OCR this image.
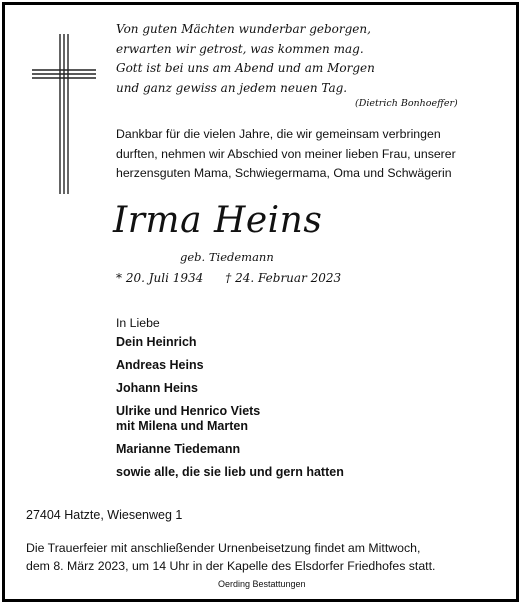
Von guten Mächten wunderbar geborgen,
erwarten wir getrost, was kommen mag.
Gott ist bei uns am Abend und am Morgen
und ganz gewiss an jedem neuen Tag.
(Dietrich Bonhoeffer)
Dankbar für die vielen Jahre, die wir gemeinsam verbringen
durften, nehmen wir Abschied von meiner lieben Frau, unserer
herzensguten Mama, Schwiegermama, Oma und Schwägerin
Irma Heins
geb. Tiedemann
* 20. Juli 1934 † 24. Februar 2023
In Liebe
Dein Heinrich
Andreas Heins
Johann Heins
Ulrike und Henrico Viets
mit Milena und Marten
Marianne Tiedemann
sowie alle, die sie lieb und gern hatten
27404 Hatzte, Wiesenweg 1
Die Trauerfeier mit anschließender Urnenbeisetzung findet am Mittwoch,
dem 8. März 2023, um 14 Uhr in der Kapelle des Elsdorfer Friedhofes statt.
Oerding Bestattungen
